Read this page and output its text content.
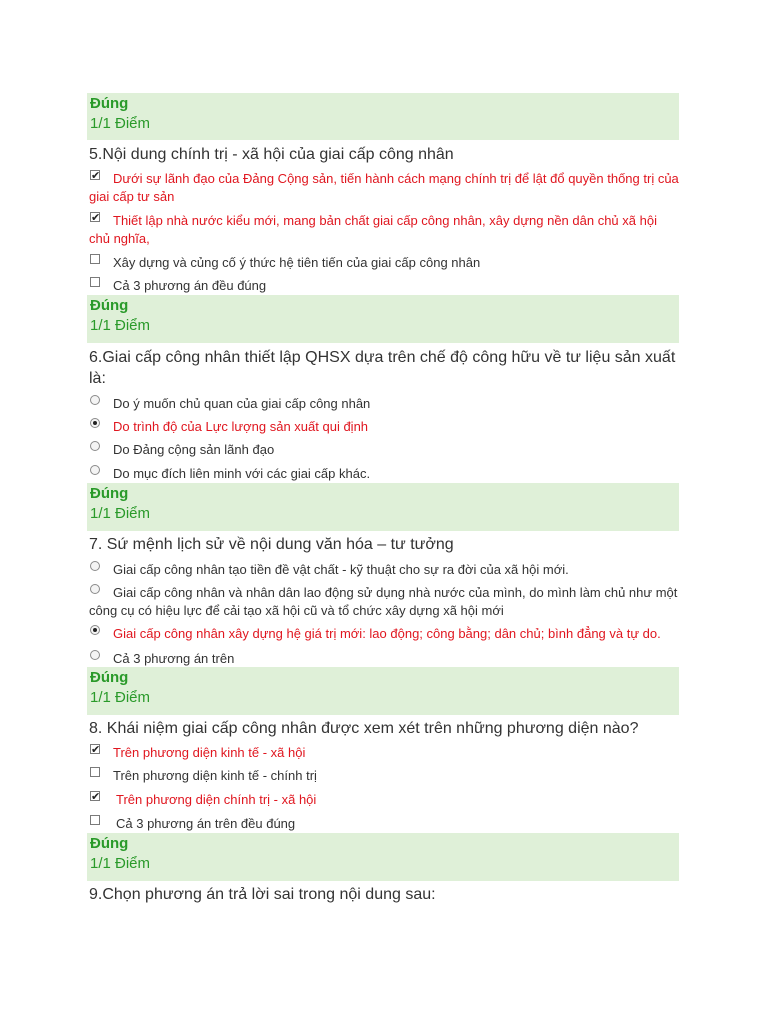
Đúng
1/1 Điểm
5.Nội dung chính trị - xã hội của giai cấp công nhân
✔ Dưới sự lãnh đạo của Đảng Cộng sản, tiến hành cách mạng chính trị để lật đổ quyền thống trị của giai cấp tư sản
✔ Thiết lập nhà nước kiểu mới, mang bản chất giai cấp công nhân, xây dựng nền dân chủ xã hội chủ nghĩa,
Xây dựng và củng cố ý thức hệ tiên tiến của giai cấp công nhân
Cả 3 phương án đều đúng
Đúng
1/1 Điểm
6.Giai cấp công nhân thiết lập QHSX dựa trên chế độ công hữu về tư liệu sản xuất là:
Do ý muốn chủ quan của giai cấp công nhân
Do trình độ của Lực lượng sản xuất qui định
Do Đảng cộng sản lãnh đạo
Do mục đích liên minh với các giai cấp khác.
Đúng
1/1 Điểm
7. Sứ mệnh lịch sử về nội dung văn hóa – tư tưởng
Giai cấp công nhân tạo tiền đề vật chất - kỹ thuật cho sự ra đời của xã hội mới.
Giai cấp công nhân và nhân dân lao động sử dụng nhà nước của mình, do mình làm chủ như một công cụ có hiệu lực để cải tạo xã hội cũ và tổ chức xây dựng xã hội mới
Giai cấp công nhân xây dựng hệ giá trị mới: lao động; công bằng; dân chủ; bình đẳng và tự do.
Cả 3 phương án trên
Đúng
1/1 Điểm
8. Khái niệm giai cấp công nhân được xem xét trên những phương diện nào?
✔ Trên phương diện kinh tế - xã hội
Trên phương diện kinh tế - chính trị
✔	Trên phương diện chính trị - xã hội
Cả 3 phương án trên đều đúng
Đúng
1/1 Điểm
9.Chọn phương án trả lời sai trong nội dung sau:
